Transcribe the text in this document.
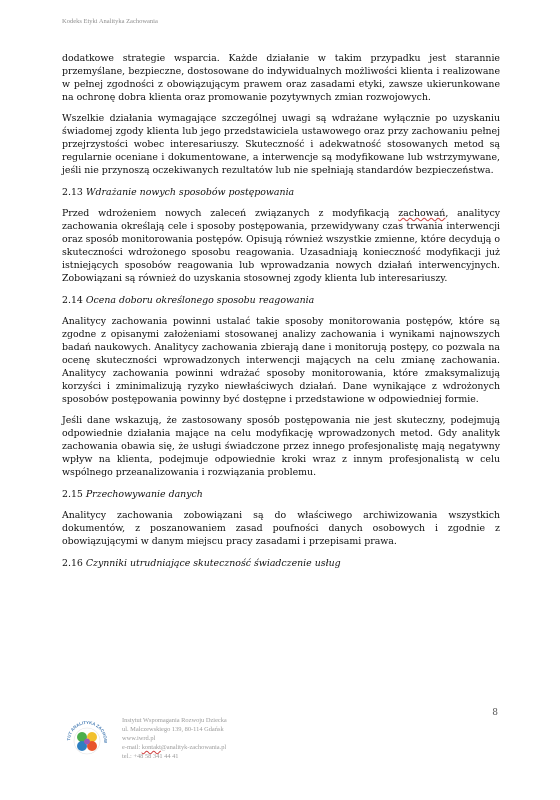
Kodeks Etyki Analityka Zachowania

dodatkowe strategie wsparcia. Każde działanie w takim przypadku jest starannie przemyślane, bezpieczne, dostosowane do indywidualnych możliwości klienta i realizowane w pełnej zgodności z obowiązującym prawem oraz zasadami etyki, zawsze ukierunkowane na ochronę dobra klienta oraz promowanie pozytywnych zmian rozwojowych.

Wszelkie działania wymagające szczególnej uwagi są wdrażane wyłącznie po uzyskaniu świadomej zgody klienta lub jego przedstawiciela ustawowego oraz przy zachowaniu pełnej przejrzystości wobec interesariuszy. Skuteczność i adekwatność stosowanych metod są regularnie oceniane i dokumentowane, a interwencje są modyfikowane lub wstrzymywane, jeśli nie przynoszą oczekiwanych rezultatów lub nie spełniają standardów bezpieczeństwa.

2.13 Wdrażanie nowych sposobów postępowania

Przed wdrożeniem nowych zaleceń związanych z modyfikacją zachowań, analitycy zachowania określają cele i sposoby postępowania, przewidywany czas trwania interwencji oraz sposób monitorowania postępów. Opisują również wszystkie zmienne, które decydują o skuteczności wdrożonego sposobu reagowania. Uzasadniają konieczność modyfikacji już istniejących sposobów reagowania lub wprowadzania nowych działań interwencyjnych. Zobowiązani są również do uzyskania stosownej zgody klienta lub interesariuszy.

2.14 Ocena doboru określonego sposobu reagowania

Analitycy zachowania powinni ustalać takie sposoby monitorowania postępów, które są zgodne z opisanymi założeniami stosowanej analizy zachowania i wynikami najnowszych badań naukowych. Analitycy zachowania zbierają dane i monitorują postępy, co pozwala na ocenę skuteczności wprowadzonych interwencji mających na celu zmianę zachowania. Analitycy zachowania powinni wdrażać sposoby monitorowania, które zmaksymalizują korzyści i zminimalizują ryzyko niewłaściwych działań. Dane wynikające z wdrożonych sposobów postępowania powinny być dostępne i przedstawione w odpowiedniej formie.

Jeśli dane wskazują, że zastosowany sposób postępowania nie jest skuteczny, podejmują odpowiednie działania mające na celu modyfikację wprowadzonych metod. Gdy analityk zachowania obawia się, że usługi świadczone przez innego profesjonalistę mają negatywny wpływ na klienta, podejmuje odpowiednie kroki wraz z innym profesjonalistą w celu wspólnego przeanalizowania i rozwiązania problemu.

2.15 Przechowywanie danych

Analitycy zachowania zobowiązani są do właściwego archiwizowania wszystkich dokumentów, z poszanowaniem zasad poufności danych osobowych i zgodnie z obowiązującymi w danym miejscu pracy zasadami i przepisami prawa.

2.16 Czynniki utrudniające skuteczność świadczenie usług

8
TUT ANALITYKA ZACHOW
Instytut Wspomagania Rozwoju Dziecka
ul. Malczewskiego 139, 80-114 Gdańsk
www.iwrd.pl
e-mail: kontakt@analityk-zachowania.pl
tel.: +48 58 341 44 41
